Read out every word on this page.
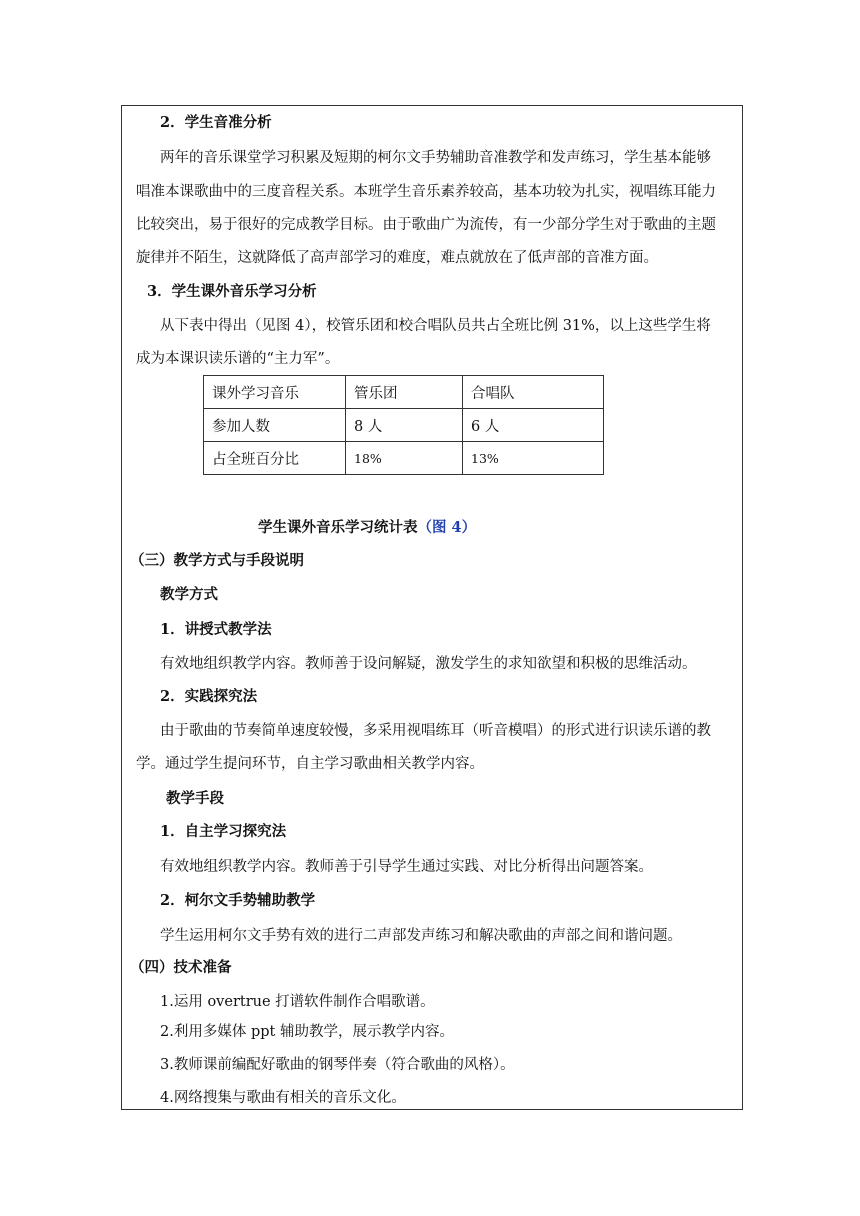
2．学生音准分析
两年的音乐课堂学习积累及短期的柯尔文手势辅助音准教学和发声练习，学生基本能够
唱准本课歌曲中的三度音程关系。本班学生音乐素养较高，基本功较为扎实，视唱练耳能力
比较突出，易于很好的完成教学目标。由于歌曲广为流传，有一少部分学生对于歌曲的主题
旋律并不陌生，这就降低了高声部学习的难度，难点就放在了低声部的音准方面。
3．学生课外音乐学习分析
从下表中得出（见图 4），校管乐团和校合唱队员共占全班比例 31%，以上这些学生将
成为本课识读乐谱的“主力军”。
课外学习音乐	管乐团	合唱队
参加人数	8 人	6 人
占全班百分比	18%	13%
学生课外音乐学习统计表（图 4）
（三）教学方式与手段说明
教学方式
1．讲授式教学法
有效地组织教学内容。教师善于设问解疑，激发学生的求知欲望和积极的思维活动。
2．实践探究法
由于歌曲的节奏简单速度较慢，多采用视唱练耳（听音模唱）的形式进行识读乐谱的教
学。通过学生提问环节，自主学习歌曲相关教学内容。
教学手段
1．自主学习探究法
有效地组织教学内容。教师善于引导学生通过实践、对比分析得出问题答案。
2．柯尔文手势辅助教学
学生运用柯尔文手势有效的进行二声部发声练习和解决歌曲的声部之间和谐问题。
（四）技术准备
1.运用 overtrue 打谱软件制作合唱歌谱。
2.利用多媒体 ppt 辅助教学，展示教学内容。
3.教师课前编配好歌曲的钢琴伴奏（符合歌曲的风格）。
4.网络搜集与歌曲有相关的音乐文化。
